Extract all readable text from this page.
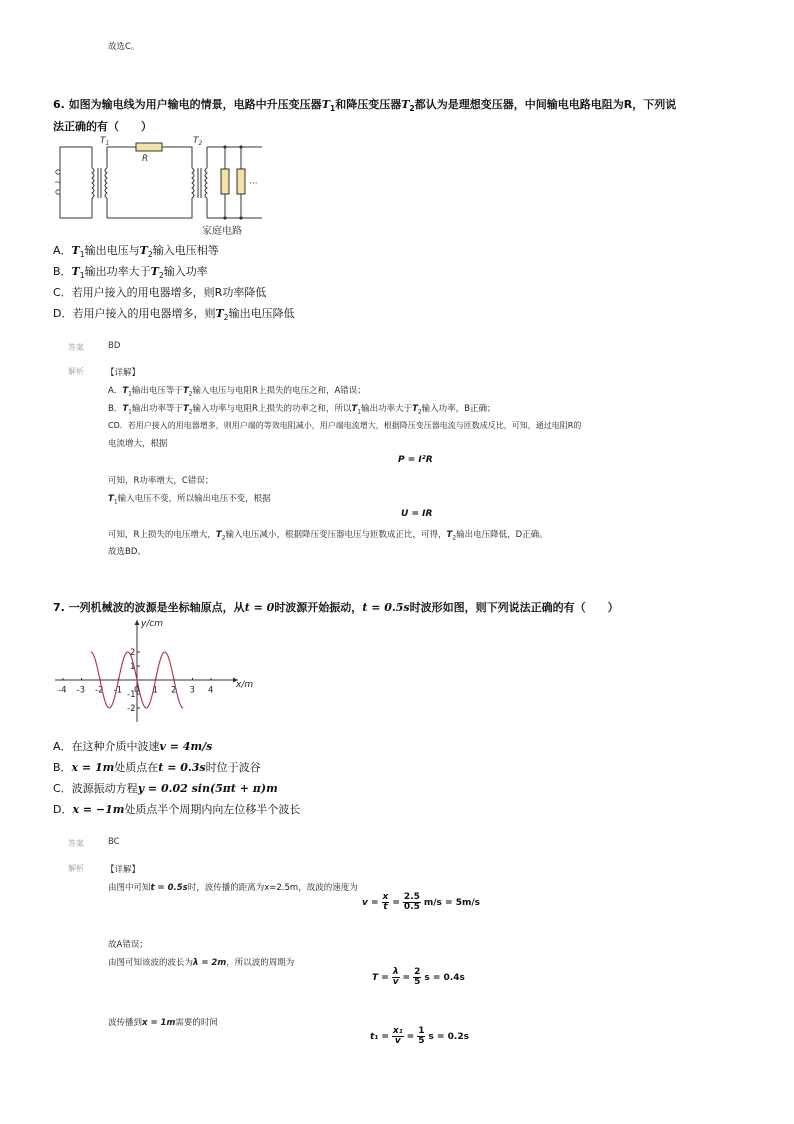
故选C。
6. 如图为输电线为用户输电的情景，电路中升压变压器$T_1$和降压变压器$T_2$都认为是理想变压器，中间输电电路电阻为R，下列说
法正确的有（　　）
~
$T_1$	$T_2$
R
···
家庭电路
A．$T_1$输出电压与$T_2$输入电压相等
B．$T_1$输出功率大于$T_2$输入功率
C．若用户接入的用电器增多，则R功率降低
D．若用户接入的用电器增多，则$T_2$输出电压降低
答案	BD
解析	【详解】
A．$T_1$输出电压等于$T_2$输入电压与电阻R上损失的电压之和，A错误；
B．$T_1$输出功率等于$T_2$输入功率与电阻R上损失的功率之和，所以$T_1$输出功率大于$T_2$输入功率，B正确；
CD．若用户接入的用电器增多，则用户端的等效电阻减小，用户端电流增大，根据降压变压器电流与匝数成反比，可知，通过电阻R的
电流增大，根据
P = I²R
可知，R功率增大，C错误；
$T_1$输入电压不变，所以输出电压不变，根据
U = IR
可知，R上损失的电压增大，$T_2$输入电压减小，根据降压变压器电压与匝数成正比，可得，$T_2$输出电压降低，D正确。
故选BD。
7. 一列机械波的波源是坐标轴原点，从t = 0时波源开始振动，t = 0.5s时波形如图，则下列说法正确的有（　　）
y/cm
x/m
-4 -3 -2 -1 0 1 2 3 4
2
1
-1
-2
A．在这种介质中波速v = 4m/s
B．x = 1m处质点在t = 0.3s时位于波谷
C．波源振动方程y = 0.02 sin(5πt + π)m
D．x = −1m处质点半个周期内向左位移半个波长
答案	BC
解析	【详解】
由图中可知t = 0.5s时，波传播的距离为x=2.5m，故波的速度为
$v = \frac{x}{t} = \frac{2.5}{0.5} m/s = 5m/s$
故A错误；
由图可知该波的波长为λ = 2m，所以波的周期为
$T = \frac{\lambda}{v} = \frac{2}{5}$ s = 0.4s
波传播到x = 1m需要的时间
$t_1 = \frac{\text{x₁}}{v} = \frac{1}{5}$ s = 0.2s
